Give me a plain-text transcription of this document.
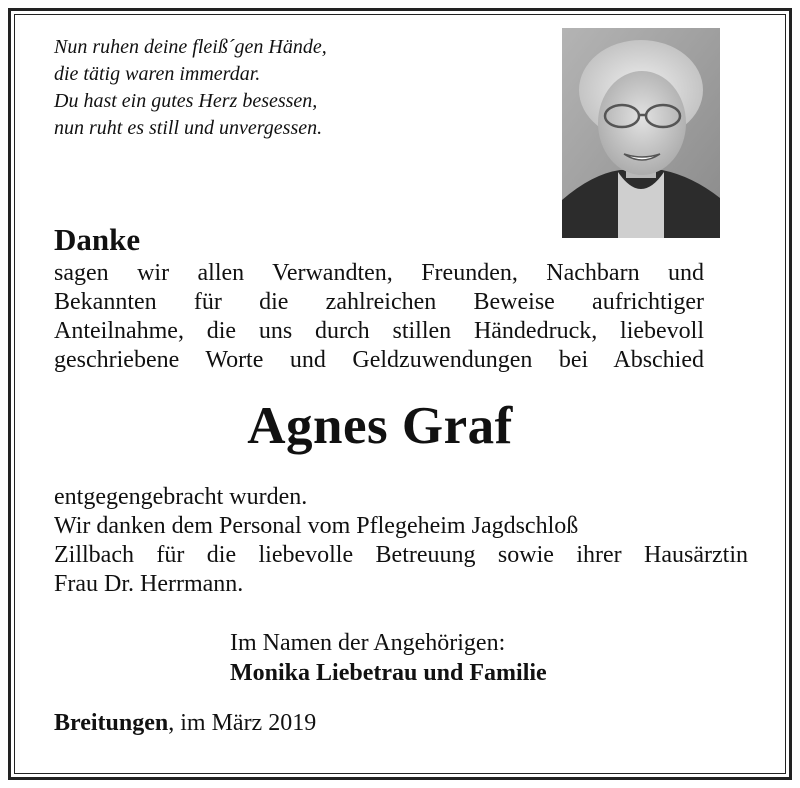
Nun ruhen deine fleiß´gen Hände,
die tätig waren immerdar.
Du hast ein gutes Herz besessen,
nun ruht es still und unvergessen.
Danke
sagen wir allen Verwandten, Freunden, Nachbarn und
Bekannten für die zahlreichen Beweise aufrichtiger
Anteilnahme, die uns durch stillen Händedruck, liebevoll
geschriebene Worte und Geldzuwendungen bei Abschied
Agnes Graf
entgegengebracht wurden.
Wir danken dem Personal vom Pflegeheim Jagdschloß
Zillbach für die liebevolle Betreuung sowie ihrer Hausärztin
Frau Dr. Herrmann.
Im Namen der Angehörigen:
Monika Liebetrau und Familie
Breitungen, im März 2019
